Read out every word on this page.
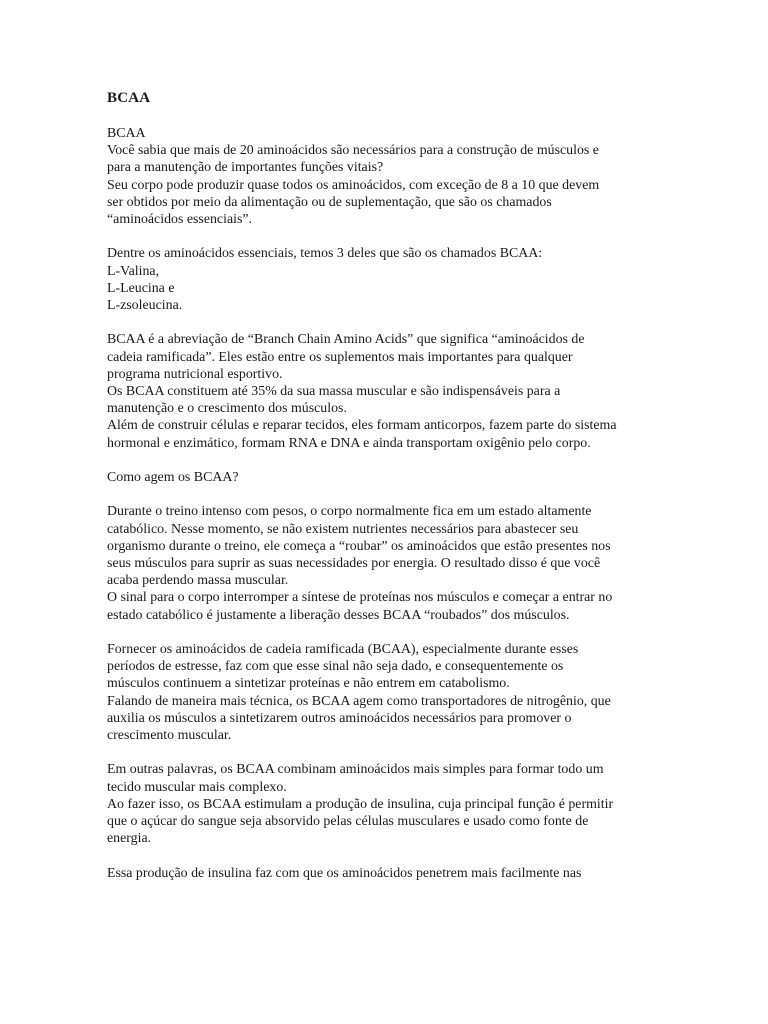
BCAA
BCAA
Você sabia que mais de 20 aminoácidos são necessários para a construção de músculos e
para a manutenção de importantes funções vitais?
Seu corpo pode produzir quase todos os aminoácidos, com exceção de 8 a 10 que devem
ser obtidos por meio da alimentação ou de suplementação, que são os chamados
“aminoácidos essenciais”.
Dentre os aminoácidos essenciais, temos 3 deles que são os chamados BCAA:
L-Valina,
L-Leucina e
L-zsoleucina.
BCAA é a abreviação de “Branch Chain Amino Acids” que significa “aminoácidos de
cadeia ramificada”. Eles estão entre os suplementos mais importantes para qualquer
programa nutricional esportivo.
Os BCAA constituem até 35% da sua massa muscular e são indispensáveis para a
manutenção e o crescimento dos músculos.
Além de construir células e reparar tecidos, eles formam anticorpos, fazem parte do sistema
hormonal e enzimático, formam RNA e DNA e ainda transportam oxigênio pelo corpo.
Como agem os BCAA?
Durante o treino intenso com pesos, o corpo normalmente fica em um estado altamente
catabólico. Nesse momento, se não existem nutrientes necessários para abastecer seu
organismo durante o treino, ele começa a “roubar” os aminoácidos que estão presentes nos
seus músculos para suprir as suas necessidades por energia. O resultado disso é que você
acaba perdendo massa muscular.
O sinal para o corpo interromper a síntese de proteínas nos músculos e começar a entrar no
estado catabólico é justamente a liberação desses BCAA “roubados” dos músculos.
Fornecer os aminoácidos de cadeia ramificada (BCAA), especialmente durante esses
períodos de estresse, faz com que esse sinal não seja dado, e consequentemente os
músculos continuem a sintetizar proteínas e não entrem em catabolismo.
Falando de maneira mais técnica, os BCAA agem como transportadores de nitrogênio, que
auxilia os músculos a sintetizarem outros aminoácidos necessários para promover o
crescimento muscular.
Em outras palavras, os BCAA combinam aminoácidos mais simples para formar todo um
tecido muscular mais complexo.
Ao fazer isso, os BCAA estimulam a produção de insulina, cuja principal função é permitir
que o açúcar do sangue seja absorvido pelas células musculares e usado como fonte de
energia.
Essa produção de insulina faz com que os aminoácidos penetrem mais facilmente nas
